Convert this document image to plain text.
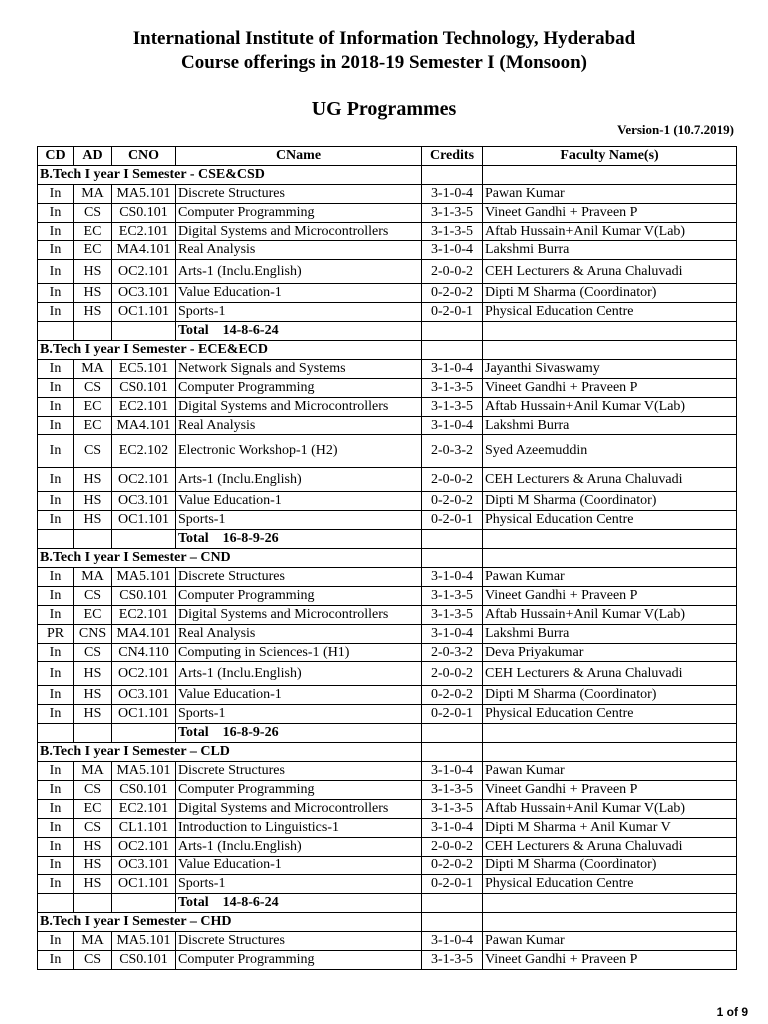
International Institute of Information Technology, Hyderabad
Course offerings in 2018-19 Semester I (Monsoon)
UG Programmes
Version-1 (10.7.2019)
CD	AD	CNO	CName	Credits	Faculty Name(s)
B.Tech I year I Semester - CSE&CSD					
In	MA	MA5.101	Discrete Structures	3-1-0-4	Pawan Kumar
In	CS	CS0.101	Computer Programming	3-1-3-5	Vineet Gandhi + Praveen P
In	EC	EC2.101	Digital Systems and Microcontrollers	3-1-3-5	Aftab Hussain+Anil Kumar V(Lab)
In	EC	MA4.101	Real Analysis	3-1-0-4	Lakshmi Burra
In	HS	OC2.101	Arts-1 (Inclu.English)	2-0-0-2	CEH Lecturers & Aruna Chaluvadi
In	HS	OC3.101	Value Education-1	0-2-0-2	Dipti M Sharma (Coordinator)
In	HS	OC1.101	Sports-1	0-2-0-1	Physical Education Centre
			Total    14-8-6-24		
B.Tech I year I Semester - ECE&ECD					
In	MA	EC5.101	Network Signals and Systems	3-1-0-4	Jayanthi Sivaswamy
In	CS	CS0.101	Computer Programming	3-1-3-5	Vineet Gandhi + Praveen P
In	EC	EC2.101	Digital Systems and Microcontrollers	3-1-3-5	Aftab Hussain+Anil Kumar V(Lab)
In	EC	MA4.101	Real Analysis	3-1-0-4	Lakshmi Burra
In	CS	EC2.102	Electronic Workshop-1 (H2)	2-0-3-2	Syed Azeemuddin
In	HS	OC2.101	Arts-1 (Inclu.English)	2-0-0-2	CEH Lecturers & Aruna Chaluvadi
In	HS	OC3.101	Value Education-1	0-2-0-2	Dipti M Sharma (Coordinator)
In	HS	OC1.101	Sports-1	0-2-0-1	Physical Education Centre
			Total    16-8-9-26		
B.Tech I year I Semester – CND					
In	MA	MA5.101	Discrete Structures	3-1-0-4	Pawan Kumar
In	CS	CS0.101	Computer Programming	3-1-3-5	Vineet Gandhi + Praveen P
In	EC	EC2.101	Digital Systems and Microcontrollers	3-1-3-5	Aftab Hussain+Anil Kumar V(Lab)
PR	CNS	MA4.101	Real Analysis	3-1-0-4	Lakshmi Burra
In	CS	CN4.110	Computing in Sciences-1 (H1)	2-0-3-2	Deva Priyakumar
In	HS	OC2.101	Arts-1 (Inclu.English)	2-0-0-2	CEH Lecturers & Aruna Chaluvadi
In	HS	OC3.101	Value Education-1	0-2-0-2	Dipti M Sharma (Coordinator)
In	HS	OC1.101	Sports-1	0-2-0-1	Physical Education Centre
			Total    16-8-9-26		
B.Tech I year I Semester – CLD					
In	MA	MA5.101	Discrete Structures	3-1-0-4	Pawan Kumar
In	CS	CS0.101	Computer Programming	3-1-3-5	Vineet Gandhi + Praveen P
In	EC	EC2.101	Digital Systems and Microcontrollers	3-1-3-5	Aftab Hussain+Anil Kumar V(Lab)
In	CS	CL1.101	Introduction to Linguistics-1	3-1-0-4	Dipti M Sharma + Anil Kumar V
In	HS	OC2.101	Arts-1 (Inclu.English)	2-0-0-2	CEH Lecturers & Aruna Chaluvadi
In	HS	OC3.101	Value Education-1	0-2-0-2	Dipti M Sharma (Coordinator)
In	HS	OC1.101	Sports-1	0-2-0-1	Physical Education Centre
			Total    14-8-6-24		
B.Tech I year I Semester – CHD					
In	MA	MA5.101	Discrete Structures	3-1-0-4	Pawan Kumar
In	CS	CS0.101	Computer Programming	3-1-3-5	Vineet Gandhi + Praveen P
1 of 9
